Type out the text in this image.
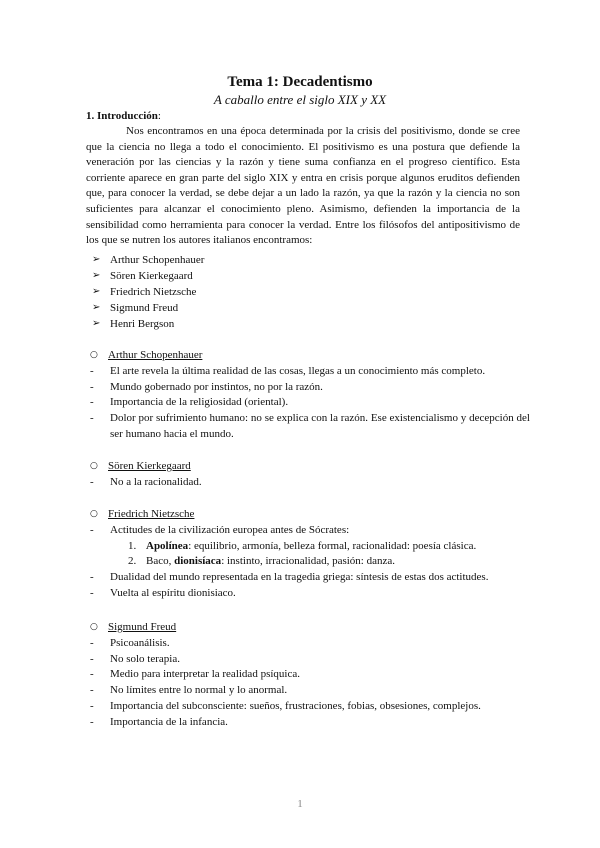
Tema 1: Decadentismo
A caballo entre el siglo XIX y XX
1. Introducción:

Nos encontramos en una época determinada por la crisis del positivismo, donde se cree que la ciencia no llega a todo el conocimiento. El positivismo es una postura que defiende la veneración por las ciencias y la razón y tiene suma confianza en el progreso científico. Esta corriente aparece en gran parte del siglo XIX y entra en crisis porque algunos eruditos defienden que, para conocer la verdad, se debe dejar a un lado la razón, ya que la razón y la ciencia no son suficientes para alcanzar el conocimiento pleno. Asimismo, defienden la importancia de la sensibilidad como herramienta para conocer la verdad. Entre los filósofos del antipositivismo de los que se nutren los autores italianos encontramos:

➢ Arthur Schopenhauer
➢ Sören Kierkegaard
➢ Friedrich Nietzsche
➢ Sigmund Freud
➢ Henri Bergson
○ Arthur Schopenhauer
-	El arte revela la última realidad de las cosas, llegas a un conocimiento más completo.
-	Mundo gobernado por instintos, no por la razón.
-	Importancia de la religiosidad (oriental).
-	Dolor por sufrimiento humano: no se explica con la razón. Ese existencialismo y decepción del ser humano hacia el mundo.
○ Sören Kierkegaard
-	No a la racionalidad.
○ Friedrich Nietzsche
-	Actitudes de la civilización europea antes de Sócrates:
1. Apolínea: equilibrio, armonía, belleza formal, racionalidad: poesía clásica.
2. Baco, dionisíaca: instinto, irracionalidad, pasión: danza.
-	Dualidad del mundo representada en la tragedia griega: síntesis de estas dos actitudes.
-	Vuelta al espíritu dionisiaco.
○ Sigmund Freud
-	Psicoanálisis.
-	No solo terapia.
-	Medio para interpretar la realidad psíquica.
-	No límites entre lo normal y lo anormal.
-	Importancia del subconsciente: sueños, frustraciones, fobias, obsesiones, complejos.
-	Importancia de la infancia.
1
